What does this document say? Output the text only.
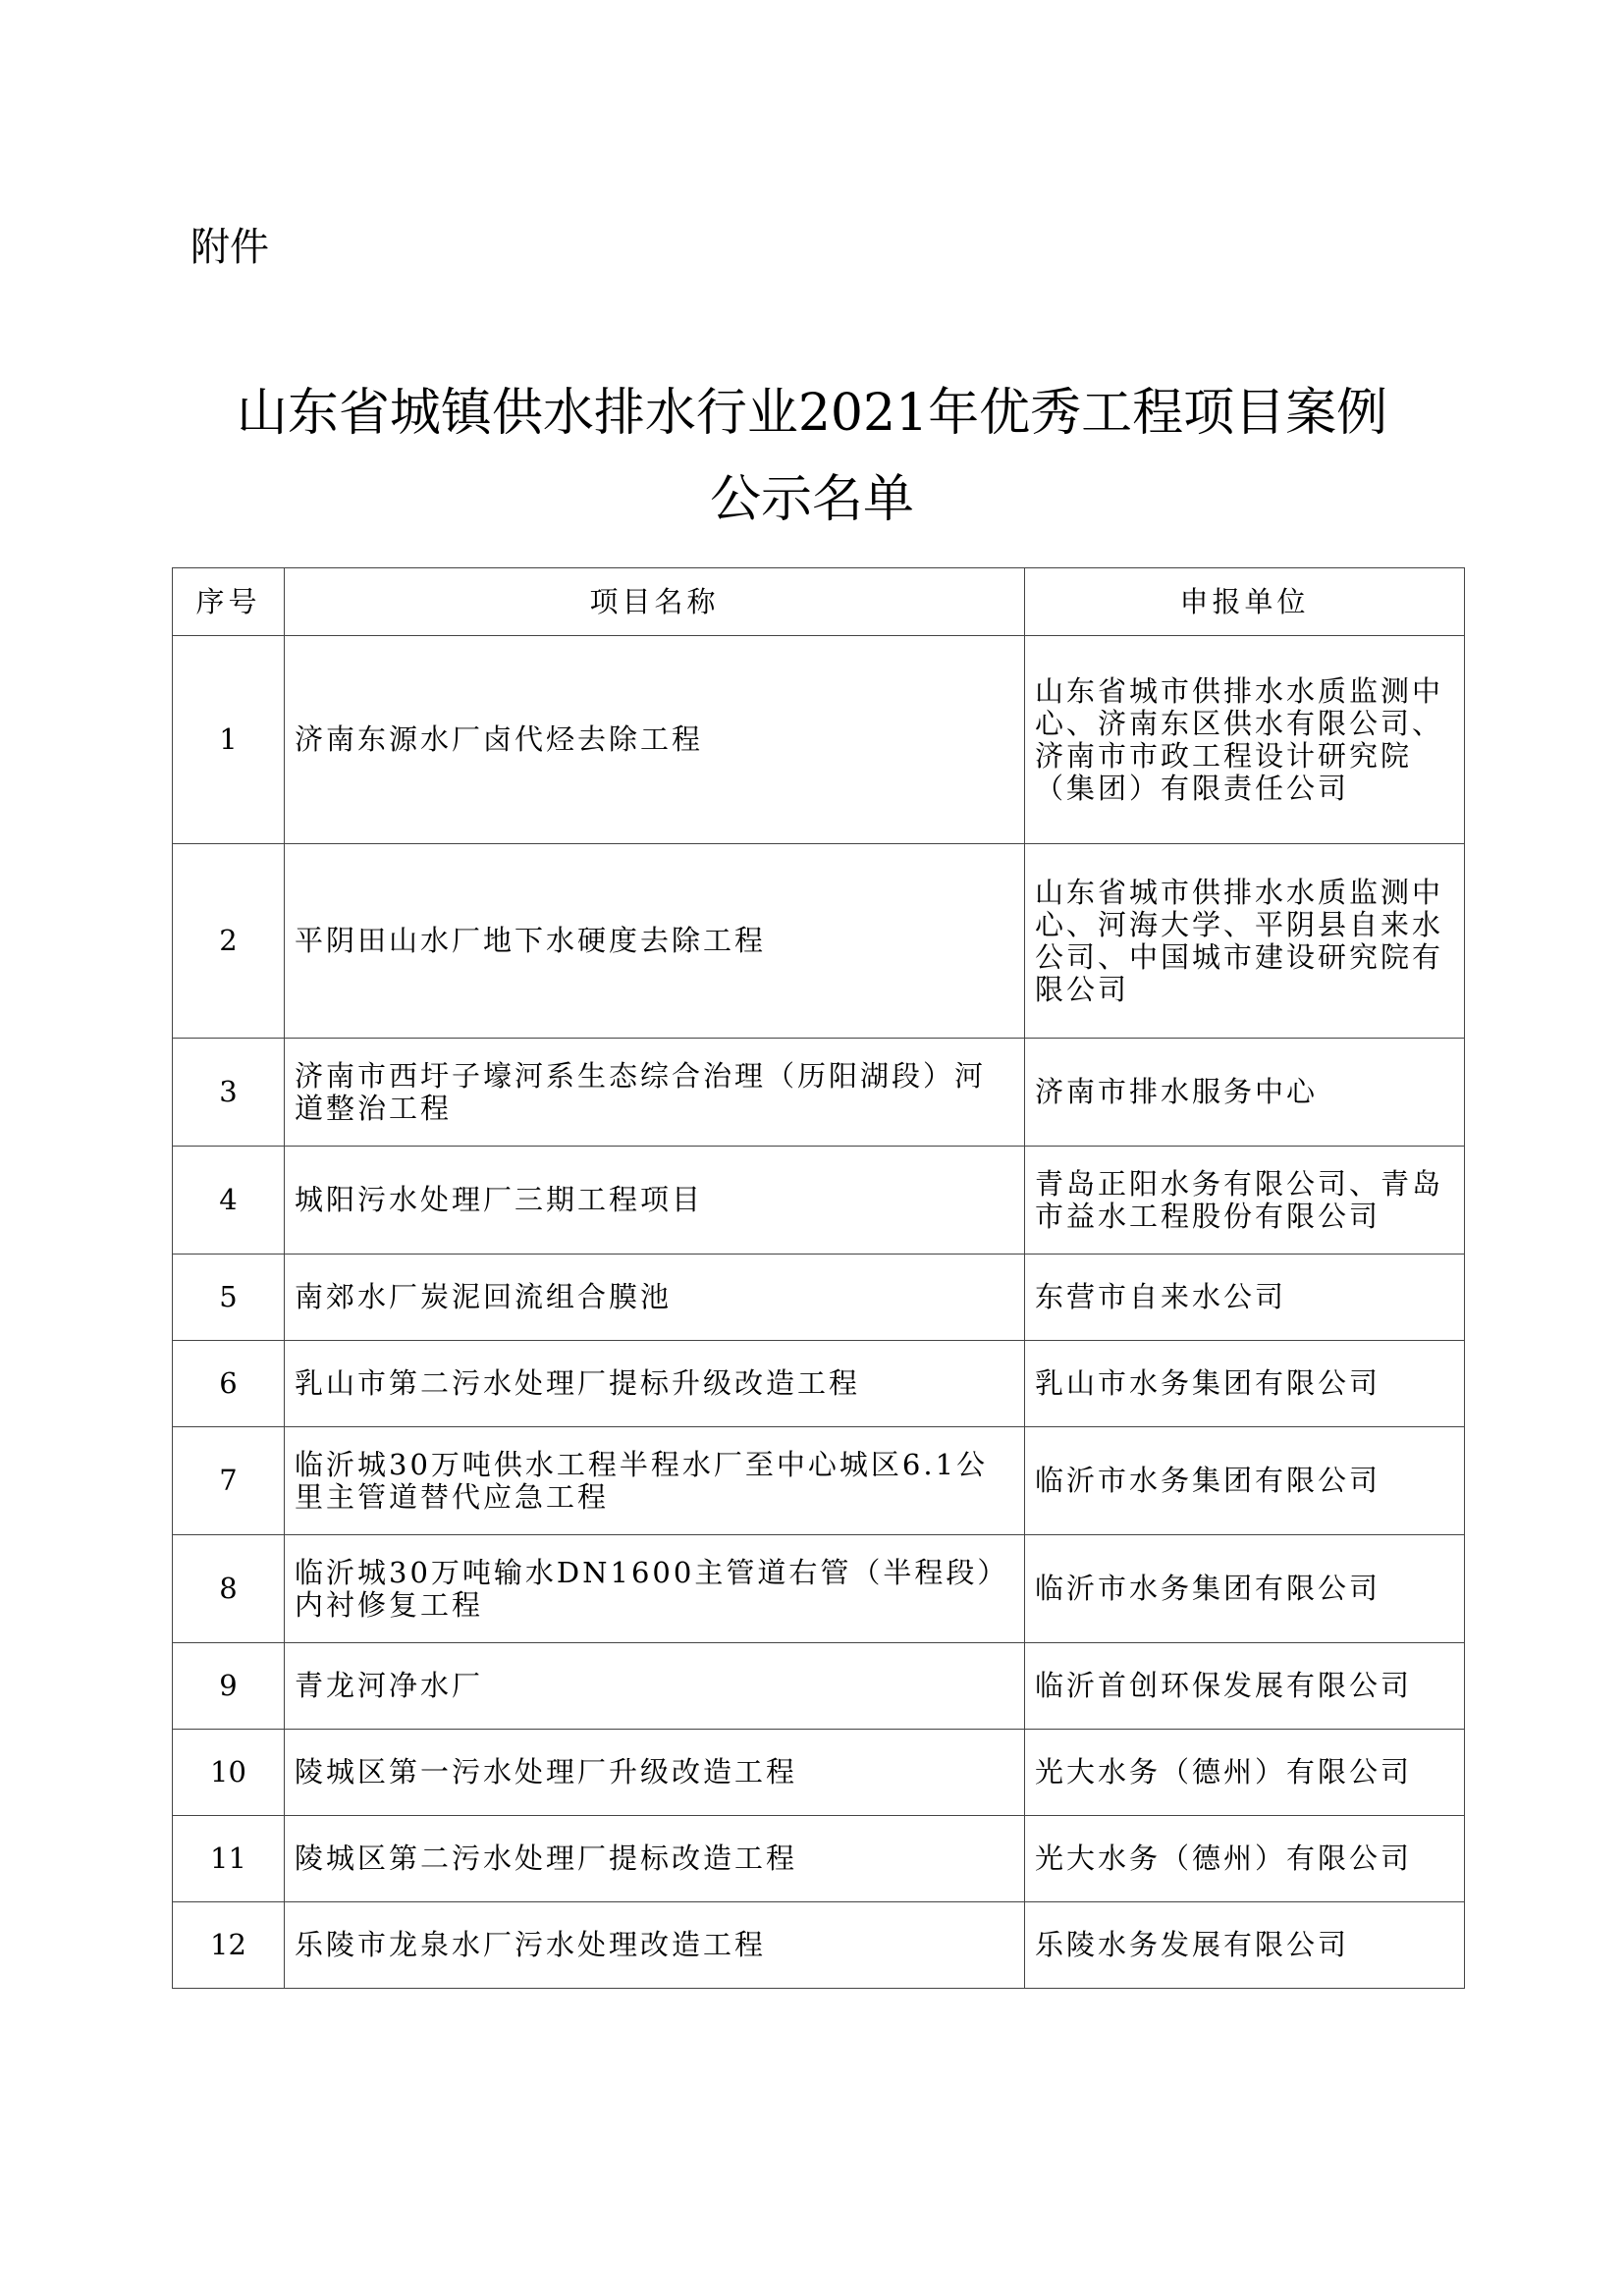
附件
山东省城镇供水排水行业2021年优秀工程项目案例
公示名单
序号	项目名称	申报单位
1	济南东源水厂卤代烃去除工程	山东省城市供排水水质监测中心、济南东区供水有限公司、济南市市政工程设计研究院（集团）有限责任公司
2	平阴田山水厂地下水硬度去除工程	山东省城市供排水水质监测中心、河海大学、平阴县自来水公司、中国城市建设研究院有限公司
3	济南市西圩子壕河系生态综合治理（历阳湖段）河道整治工程	济南市排水服务中心
4	城阳污水处理厂三期工程项目	青岛正阳水务有限公司、青岛市益水工程股份有限公司
5	南郊水厂炭泥回流组合膜池	东营市自来水公司
6	乳山市第二污水处理厂提标升级改造工程	乳山市水务集团有限公司
7	临沂城30万吨供水工程半程水厂至中心城区6.1公里主管道替代应急工程	临沂市水务集团有限公司
8	临沂城30万吨输水DN1600主管道右管（半程段）内衬修复工程	临沂市水务集团有限公司
9	青龙河净水厂	临沂首创环保发展有限公司
10	陵城区第一污水处理厂升级改造工程	光大水务（德州）有限公司
11	陵城区第二污水处理厂提标改造工程	光大水务（德州）有限公司
12	乐陵市龙泉水厂污水处理改造工程	乐陵水务发展有限公司
